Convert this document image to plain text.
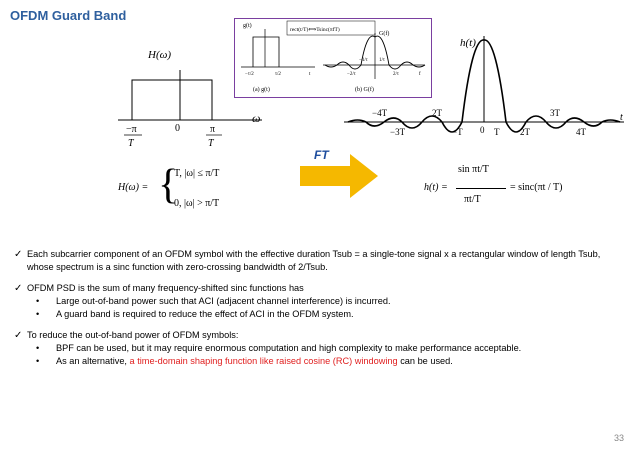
OFDM Guard Band
H(ω)
ω
−π
T
0	π
T
H(ω) = {
T, |ω| ≤ π/T
0, |ω| > π/T
g(t)
−τ/2	τ/2	t
(a) g(t)
rect(t/T)⟺Tsinc(πfT)
G(f)
−2/τ
−1/τ 1/τ
2/τ	f
(b) G(f)
FT
h(t)
t
−4T	2T	3T
−3T	−T 0 T 2T	4T
h(t) =
sin πt/T
πt/T
= sinc(πt / T)
✓ Each subcarrier component of an OFDM symbol with the effective duration Tsub = a single-tone signal x a rectangular window of length Tsub, whose spectrum is a sinc function with zero-crossing bandwidth of 2/Tsub.
✓ OFDM PSD is the sum of many frequency-shifted sinc functions has
•	Large out-of-band power such that ACI (adjacent channel interference) is incurred.
•	A guard band is required to reduce the effect of ACI in the OFDM system.
✓ To reduce the out-of-band power of OFDM symbols:
•	BPF can be used, but it may require enormous computation and high complexity to make performance acceptable.
•	As an alternative, a time-domain shaping function like raised cosine (RC) windowing can be used.
33
